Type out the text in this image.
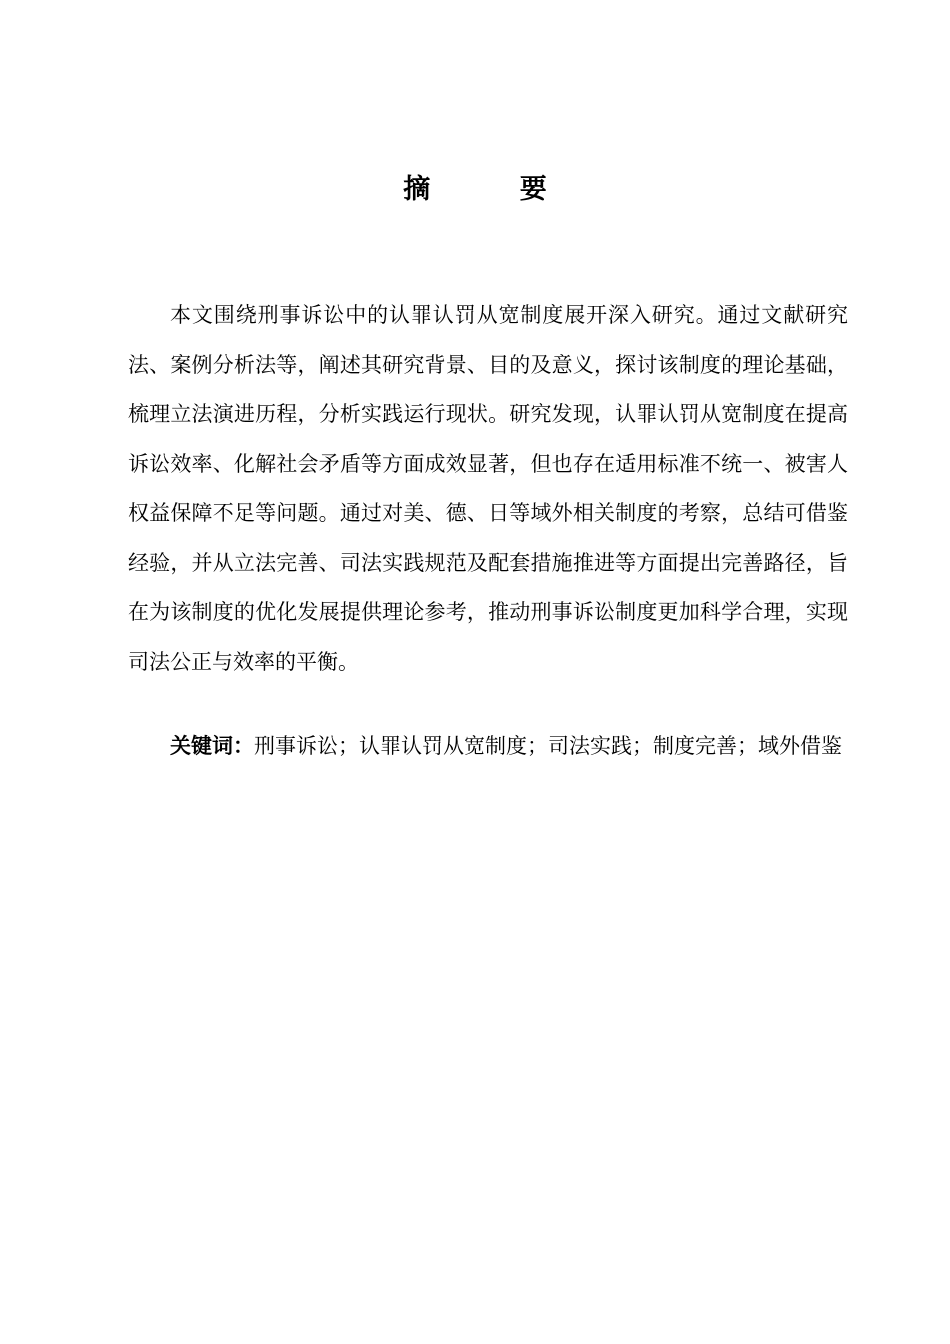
摘 要

本文围绕刑事诉讼中的认罪认罚从宽制度展开深入研究。通过文献研究法、案例分析法等，阐述其研究背景、目的及意义，探讨该制度的理论基础，梳理立法演进历程，分析实践运行现状。研究发现，认罪认罚从宽制度在提高诉讼效率、化解社会矛盾等方面成效显著，但也存在适用标准不统一、被害人权益保障不足等问题。通过对美、德、日等域外相关制度的考察，总结可借鉴经验，并从立法完善、司法实践规范及配套措施推进等方面提出完善路径，旨在为该制度的优化发展提供理论参考，推动刑事诉讼制度更加科学合理，实现司法公正与效率的平衡。

关键词：刑事诉讼；认罪认罚从宽制度；司法实践；制度完善；域外借鉴
